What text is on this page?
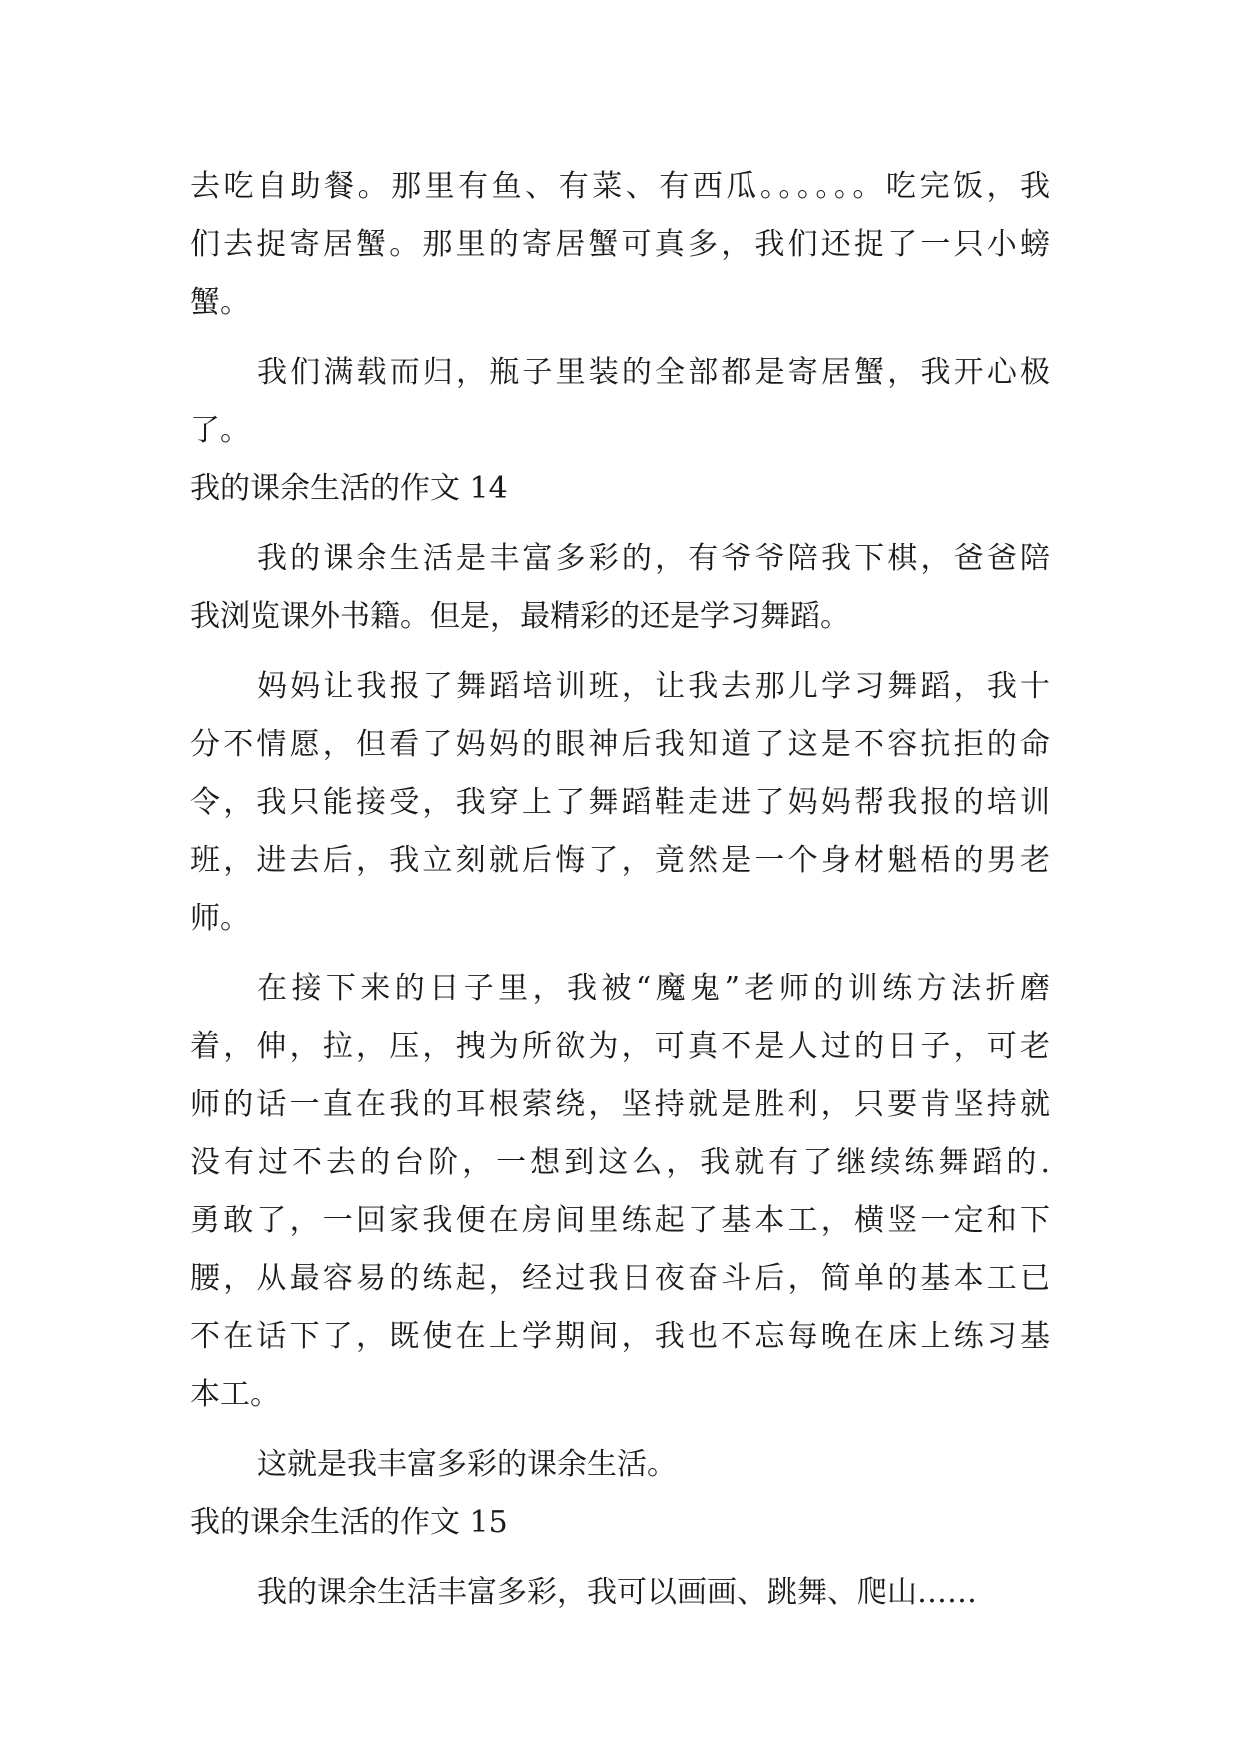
去吃自助餐。那里有鱼、有菜、有西瓜。。。。。。吃完饭，我
们去捉寄居蟹。那里的寄居蟹可真多，我们还捉了一只小螃
蟹。
我们满载而归，瓶子里装的全部都是寄居蟹，我开心极
了。
我的课余生活的作文 14
我的课余生活是丰富多彩的，有爷爷陪我下棋，爸爸陪
我浏览课外书籍。但是，最精彩的还是学习舞蹈。
妈妈让我报了舞蹈培训班，让我去那儿学习舞蹈，我十
分不情愿，但看了妈妈的眼神后我知道了这是不容抗拒的命
令，我只能接受，我穿上了舞蹈鞋走进了妈妈帮我报的培训
班，进去后，我立刻就后悔了，竟然是一个身材魁梧的男老
师。
在接下来的日子里，我被“魔鬼”老师的训练方法折磨
着，伸，拉，压，拽为所欲为，可真不是人过的日子，可老
师的话一直在我的耳根萦绕，坚持就是胜利，只要肯坚持就
没有过不去的台阶，一想到这么，我就有了继续练舞蹈的.
勇敢了，一回家我便在房间里练起了基本工，横竖一定和下
腰，从最容易的练起，经过我日夜奋斗后，简单的基本工已
不在话下了，既使在上学期间，我也不忘每晚在床上练习基
本工。
这就是我丰富多彩的课余生活。
我的课余生活的作文 15
我的课余生活丰富多彩，我可以画画、跳舞、爬山……
